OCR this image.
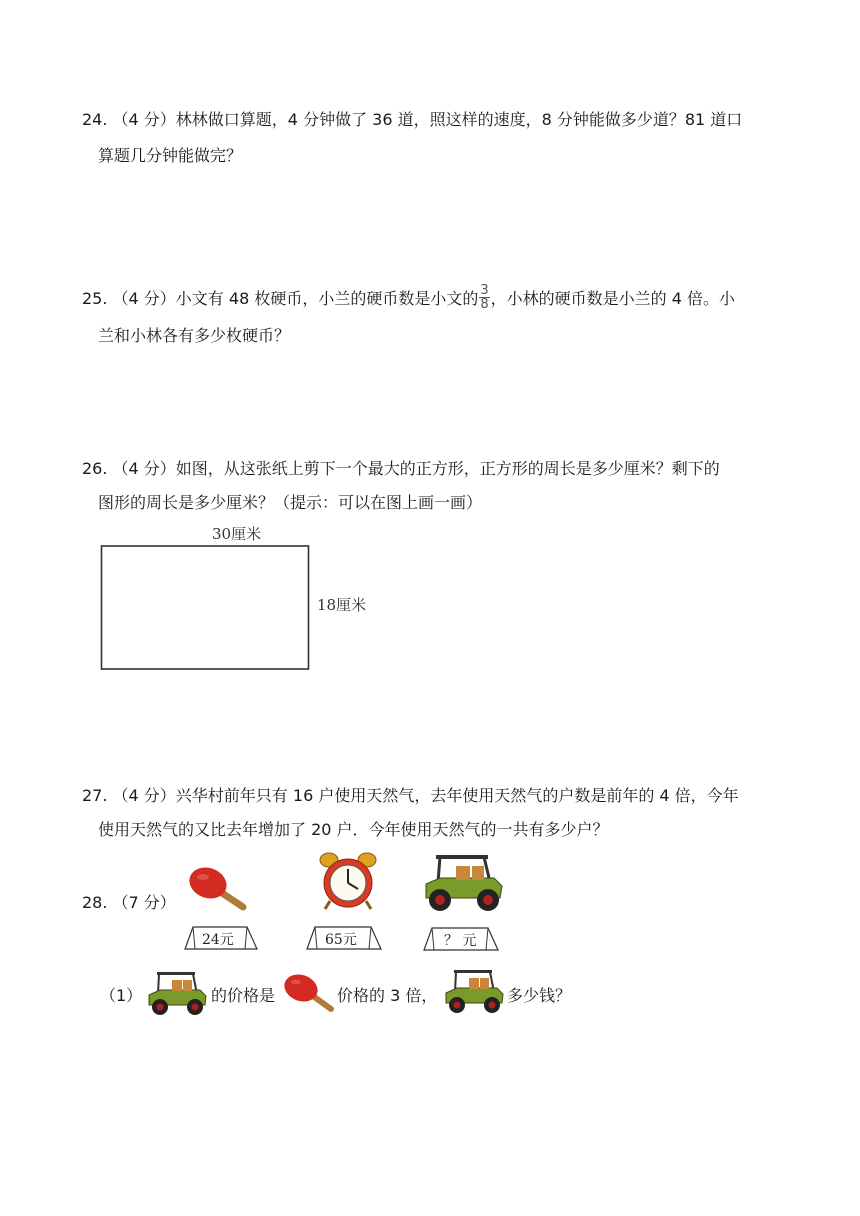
24. （4 分）林林做口算题，4 分钟做了 36 道，照这样的速度，8 分钟能做多少道？81 道口
算题几分钟能做完？
25. （4 分）小文有 48 枚硬币，小兰的硬币数是小文的 $\frac{3}{8}$ ，小林的硬币数是小兰的 4 倍。小
兰和小林各有多少枚硬币？
26. （4 分）如图，从这张纸上剪下一个最大的正方形，正方形的周长是多少厘米？剩下的
图形的周长是多少厘米？（提示：可以在图上画一画）
30厘米
18厘米
27. （4 分）兴华村前年只有 16 户使用天然气，去年使用天然气的户数是前年的 4 倍，今年
使用天然气的又比去年增加了 20 户．今年使用天然气的一共有多少户？
28. （7 分）
24元	65元	？ 元
（1）	的价格是	价格的 3 倍，	多少钱？
